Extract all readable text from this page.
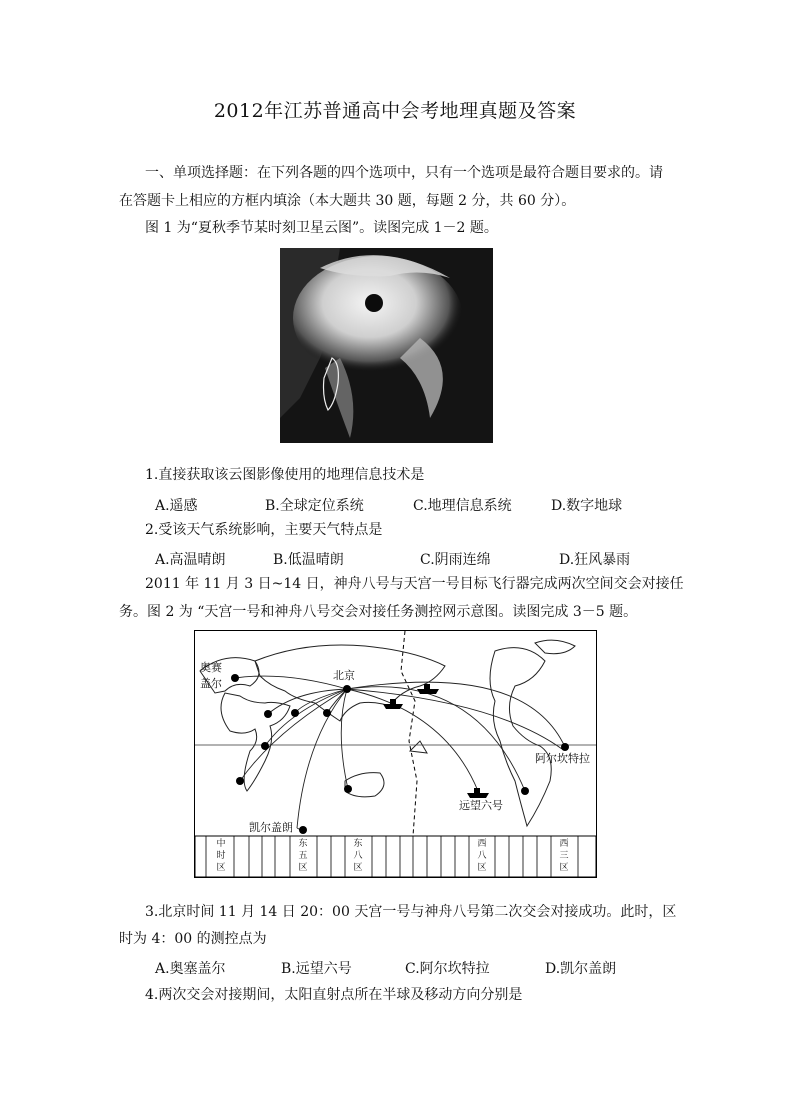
2012年江苏普通高中会考地理真题及答案
一、单项选择题：在下列各题的四个选项中，只有一个选项是最符合题目要求的。请
在答题卡上相应的方框内填涂（本大题共 30 题，每题 2 分，共 60 分）。
图 1 为“夏秋季节某时刻卫星云图”。读图完成 1－2 题。
1.直接获取该云图影像使用的地理信息技术是
A.遥感	B.全球定位系统	C.地理信息系统	D.数字地球
2.受该天气系统影响，主要天气特点是
A.高温晴朗	B.低温晴朗	C.阴雨连绵	D.狂风暴雨
2011 年 11 月 3 日~14 日，神舟八号与天宫一号目标飞行器完成两次空间交会对接任
务。图 2 为 “天宫一号和神舟八号交会对接任务测控网示意图。读图完成 3－5 题。
奥赛
盖尔
北京
阿尔坎特拉
远望六号
凯尔盖朗
中
时
区
东
五
区
东
八
区
西
八
区
西
三
区
3.北京时间 11 月 14 日 20：00 天宫一号与神舟八号第二次交会对接成功。此时，区
时为 4：00 的测控点为
A.奥塞盖尔	B.远望六号	C.阿尔坎特拉	D.凯尔盖朗
4.两次交会对接期间，太阳直射点所在半球及移动方向分别是
